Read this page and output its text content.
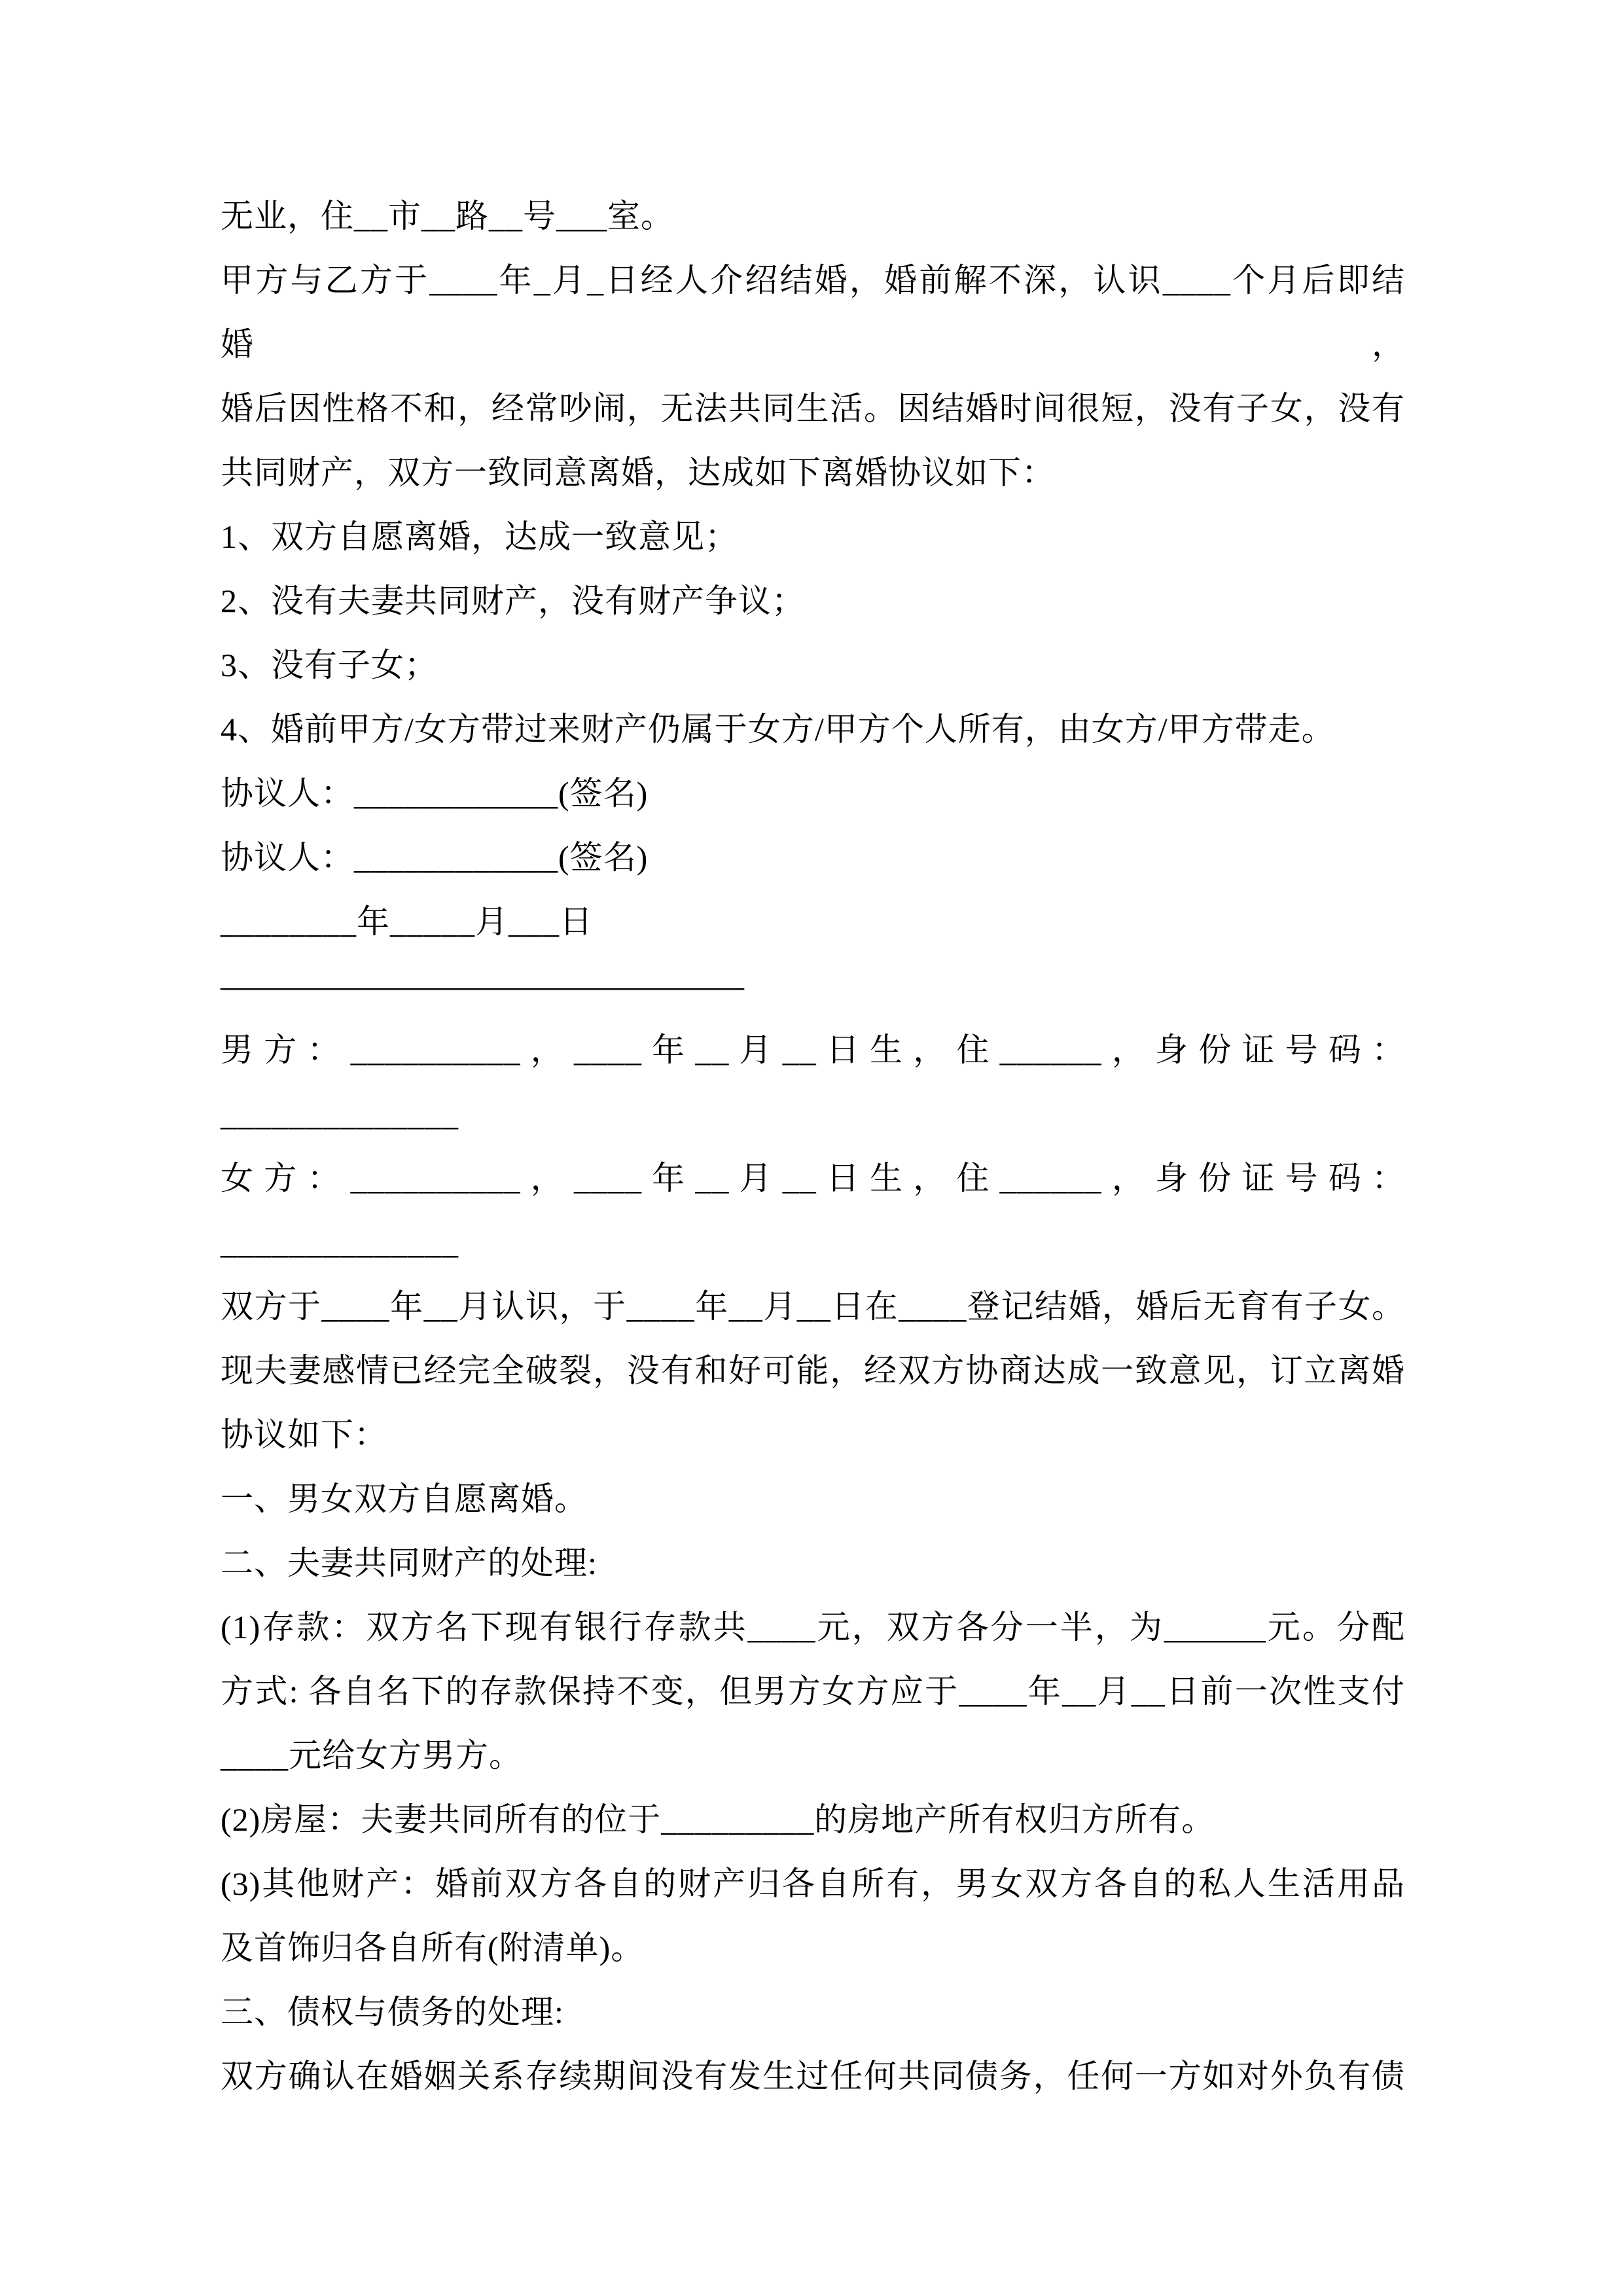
无业，住__市__路__号___室。

甲方与乙方于____年_月_日经人介绍结婚，婚前解不深，认识____个月后即结婚，

婚后因性格不和，经常吵闹，无法共同生活。因结婚时间很短，没有子女，没有

共同财产，双方一致同意离婚，达成如下离婚协议如下：

1、双方自愿离婚，达成一致意见；

2、没有夫妻共同财产，没有财产争议；

3、没有子女；

4、婚前甲方/女方带过来财产仍属于女方/甲方个人所有，由女方/甲方带走。

协议人：____________(签名)

协议人：____________(签名)

________年_____月___日

————————————————

男方：__________，____年__月__日生，住______，身份证号码：

______________

女方：__________，____年__月__日生，住______，身份证号码：

______________

双方于____年__月认识，于____年__月__日在____登记结婚，婚后无育有子女。

现夫妻感情已经完全破裂，没有和好可能，经双方协商达成一致意见，订立离婚

协议如下：

一、男女双方自愿离婚。

二、夫妻共同财产的处理:

(1)存款：双方名下现有银行存款共____元，双方各分一半，为______元。分配

方式: 各自名下的存款保持不变，但男方女方应于____年__月__日前一次性支付

____元给女方男方。

(2)房屋：夫妻共同所有的位于_________的房地产所有权归方所有。

(3)其他财产：婚前双方各自的财产归各自所有，男女双方各自的私人生活用品

及首饰归各自所有(附清单)。

三、债权与债务的处理:

双方确认在婚姻关系存续期间没有发生过任何共同债务，任何一方如对外负有债
